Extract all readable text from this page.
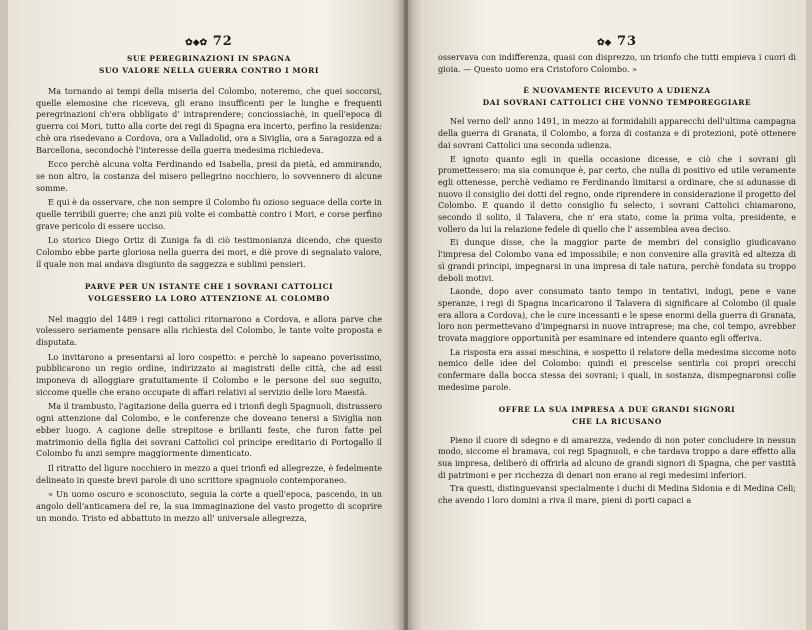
✿◆✿ 72
SUE PEREGRINAZIONI IN SPAGNA
SUO VALORE NELLA GUERRA CONTRO I MORI

Ma tornando ai tempi della miseria del Colombo, noteremo, che quei soccorsi, quelle elemosine che riceveva, gli erano insufficenti per le lunghe e frequenti peregrinazioni ch'era obbligato d' intraprendere; conciossiachè, in quell'epoca di guerra coi Mori, tutto alla corte dei regi di Spagna era incerto, perfino la residenza: chè ora risedevano a Cordova, ora a Valladolid, ora a Siviglia, ora a Saragozza ed a Barcellona, secondochè l'interesse della guerra medesima richiedeva.

Ecco perchè alcuna volta Ferdinando ed Isabella, presi da pietà, ed ammirando, se non altro, la costanza del misero pellegrino nocchiero, lo sovvennero di alcune somme.

E qui è da osservare, che non sempre il Colombo fu ozioso seguace della corte in quelle terribili guerre; che anzi più volte ei combattè contro i Mori, e corse perfino grave pericolo di essere ucciso.

Lo storico Diego Ortiz di Zuniga fa di ciò testimonianza dicendo, che questo Colombo ebbe parte gloriosa nella guerra dei mori, e diè prove di segnalato valore, il quale non mai andava disgiunto da saggezza e sublimi pensieri.

PARVE PER UN ISTANTE CHE I SOVRANI CATTOLICI
VOLGESSERO LA LORO ATTENZIONE AL COLOMBO

Nel maggio del 1489 i regi cattolici ritornarono a Cordova, e allora parve che volessero seriamente pensare alla richiesta del Colombo, le tante volte proposta e disputata.

Lo invitarono a presentarsi al loro cospetto: e perchè lo sapeano poverissimo, pubblicarono un regio ordine, indirizzato ai magistrati delle città, che ad essi imponeva di alloggiare gratuitamente il Colombo e le persone del suo seguito, siccome quelle che erano occupate di affari relativi al servizio delle loro Maestà.

Ma il trambusto, l'agitazione della guerra ed i trionfi degli Spagnuoli, distrassero ogni attenzione dal Colombo, e le conferenze che doveano tenersi a Siviglia non ebber luogo. A cagione delle strepitose e brillanti feste, che furon fatte pel matrimonio della figlia dei sovrani Cattolici col principe ereditario di Portogallo il Colombo fu anzi sempre maggiormente dimenticato.

Il ritratto del ligure nocchiero in mezzo a quei trionfi ed allegrezze, è fedelmente delineato in queste brevi parole di uno scrittore spagnuolo contemporaneo.

» Un uomo oscuro e sconosciuto, seguia la corte a quell'epoca, pascendo, in un angolo dell'anticamera del re, la sua immaginazione del vasto progetto di scoprire un mondo. Tristo ed abbattuto in mezzo all' universale allegrezza,

✿◆ 73

osservava con indifferenza, quasi con disprezzo, un trionfo che tutti empieva i cuori di gioia. — Questo uomo era Cristoforo Colombo. »

È NUOVAMENTE RICEVUTO A UDIENZA
DAI SOVRANI CATTOLICI CHE VONNO TEMPOREGGIARE

Nel verno dell' anno 1491, in mezzo ai formidabili apparecchi dell'ultima campagna della guerra di Granata, il Colombo, a forza di costanza e di protezioni, potè ottenere dai sovrani Cattolici una seconda udienza.

E ignoto quanto egli in quella occasione dicesse, e ciò che i sovrani gli promettessero: ma sia comunque è, par certo, che nulla di positivo ed utile veramente egli ottenesse, perchè vediamo re Ferdinando limitarsi a ordinare, che si adunasse di nuovo il consiglio dei dotti del regno, onde riprendere in considerazione il progetto del Colombo. E quando il detto consiglio fu selecto, i sovrani Cattolici chiamarono, secondo il solito, il Talavera, che n' era stato, come la prima volta, presidente, e vollero da lui la relazione fedele di quello che l' assemblea avea deciso.

Ei dunque disse, che la maggior parte de membri del consiglio giudicavano l'impresa del Colombo vana ed impossibile; e non convenire alla gravità ed altezza di sì grandi principi, impegnarsi in una impresa di tale natura, perchè fondata su troppo deboli motivi.

Laonde, dopo aver consumato tanto tempo in tentativi, indugi, pene e vane speranze, i regi di Spagna incaricarono il Talavera di significare al Colombo (il quale era allora a Cordova), che le cure incessanti e le spese enormi della guerra di Granata, loro non permettevano d'impegnarsi in nuove intraprese; ma che, col tempo, avrebber trovata maggiore opportunità per esaminare ed intendere quanto egli offeriva.

La risposta era assai meschina, e sospetto il relatore della medesima siccome noto nemico delle idee del Colombo: quindi ei prescelse sentirla coi propri orecchi confermare dalla bocca stessa dei sovrani; i quali, in sostanza, dismpegnaronsi colle medesime parole.

OFFRE LA SUA IMPRESA A DUE GRANDI SIGNORI
CHE LA RICUSANO

Pieno il cuore di sdegno e di amarezza, vedendo di non poter concludere in nessun modo, siccome el bramava, coi regi Spagnuoli, e che tardava troppo a dare effetto alla sua impresa, deliberò di offrirla ad alcuno de grandi signori di Spagna, che per vastità di patrimoni e per ricchezza di denari non erano ai regi medesimi inferiori.

Tra questi, distinguevansi specialmente i duchi di Medina Sidonia e di Medina Celi; che avendo i loro domini a riva il mare, pieni di porti capaci a
